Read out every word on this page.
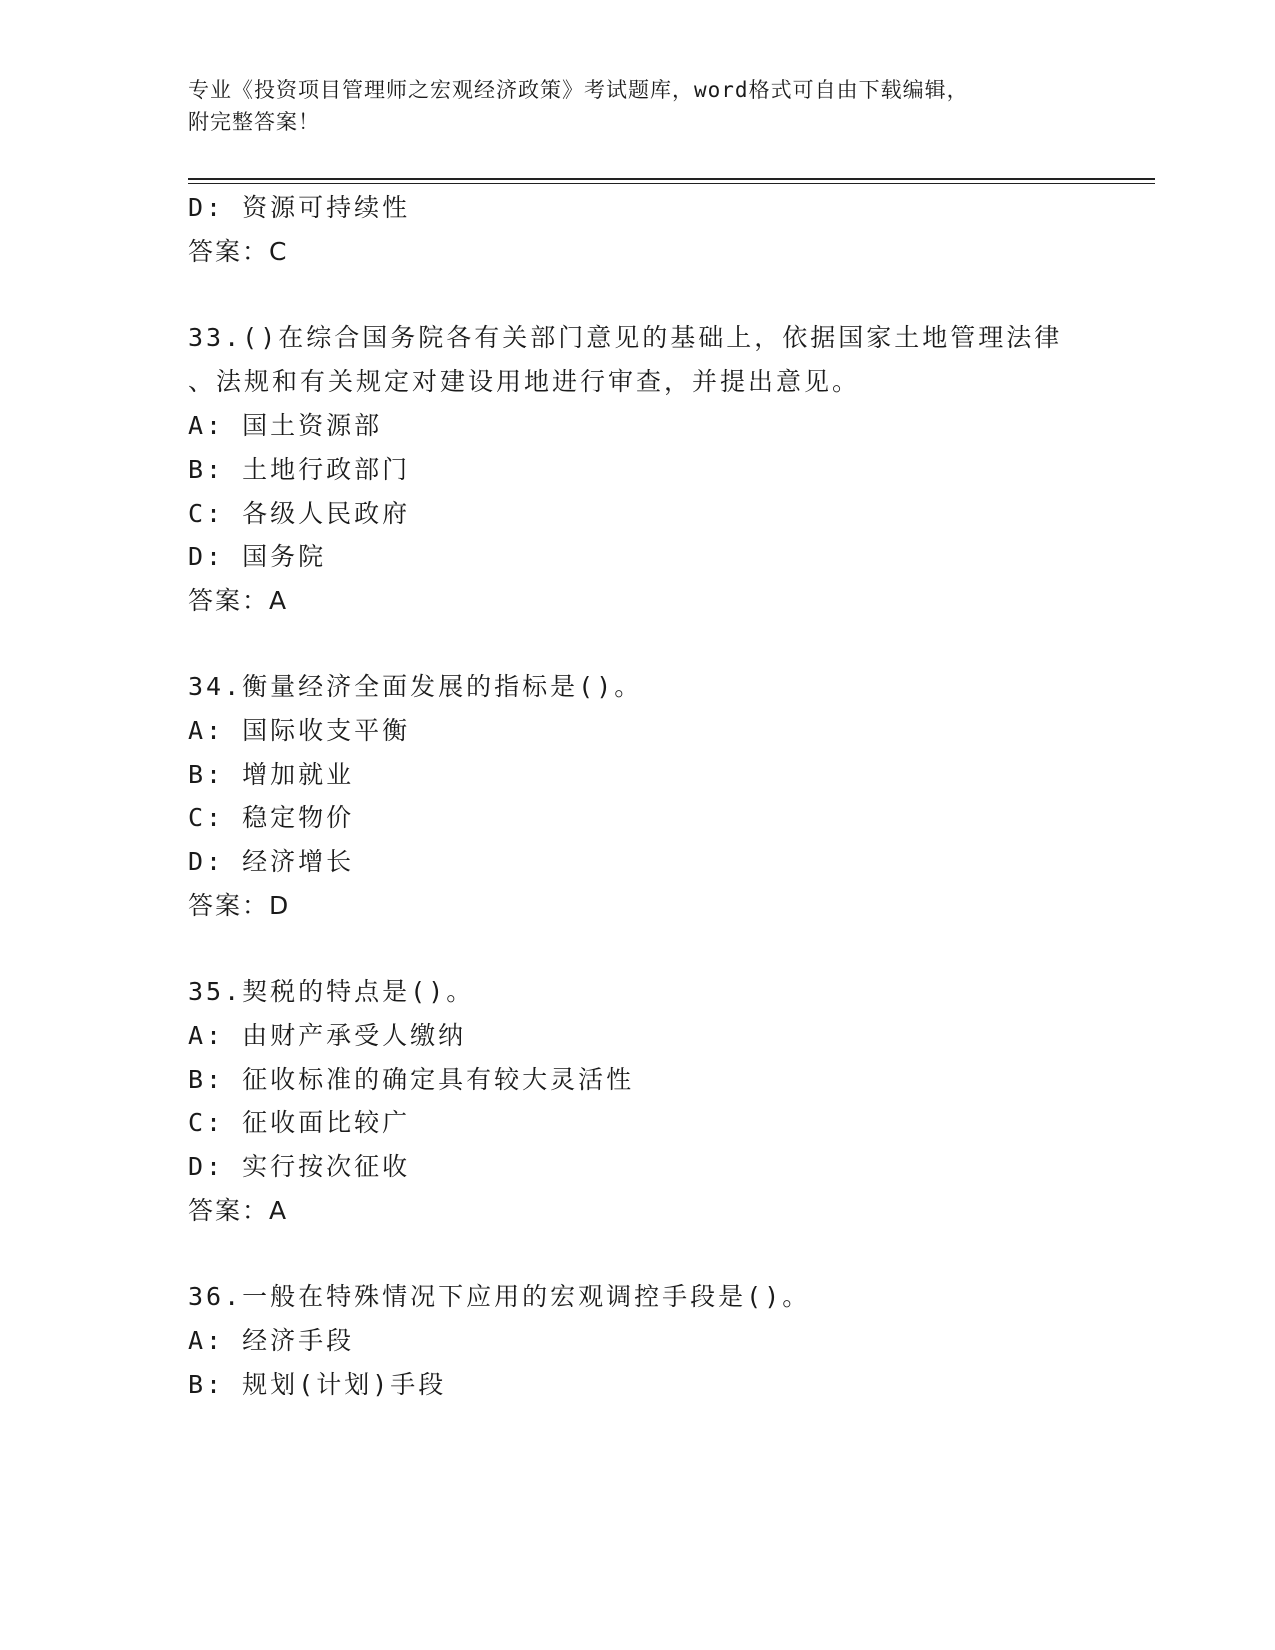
专业《投资项目管理师之宏观经济政策》考试题库，word格式可自由下载编辑，
附完整答案！
D: 资源可持续性
答案：C
33.()在综合国务院各有关部门意见的基础上，依据国家土地管理法律
、法规和有关规定对建设用地进行审查，并提出意见。
A: 国土资源部
B: 土地行政部门
C: 各级人民政府
D: 国务院
答案：A
34.衡量经济全面发展的指标是()。
A: 国际收支平衡
B: 增加就业
C: 稳定物价
D: 经济增长
答案：D
35.契税的特点是()。
A: 由财产承受人缴纳
B: 征收标准的确定具有较大灵活性
C: 征收面比较广
D: 实行按次征收
答案：A
36.一般在特殊情况下应用的宏观调控手段是()。
A: 经济手段
B: 规划(计划)手段
